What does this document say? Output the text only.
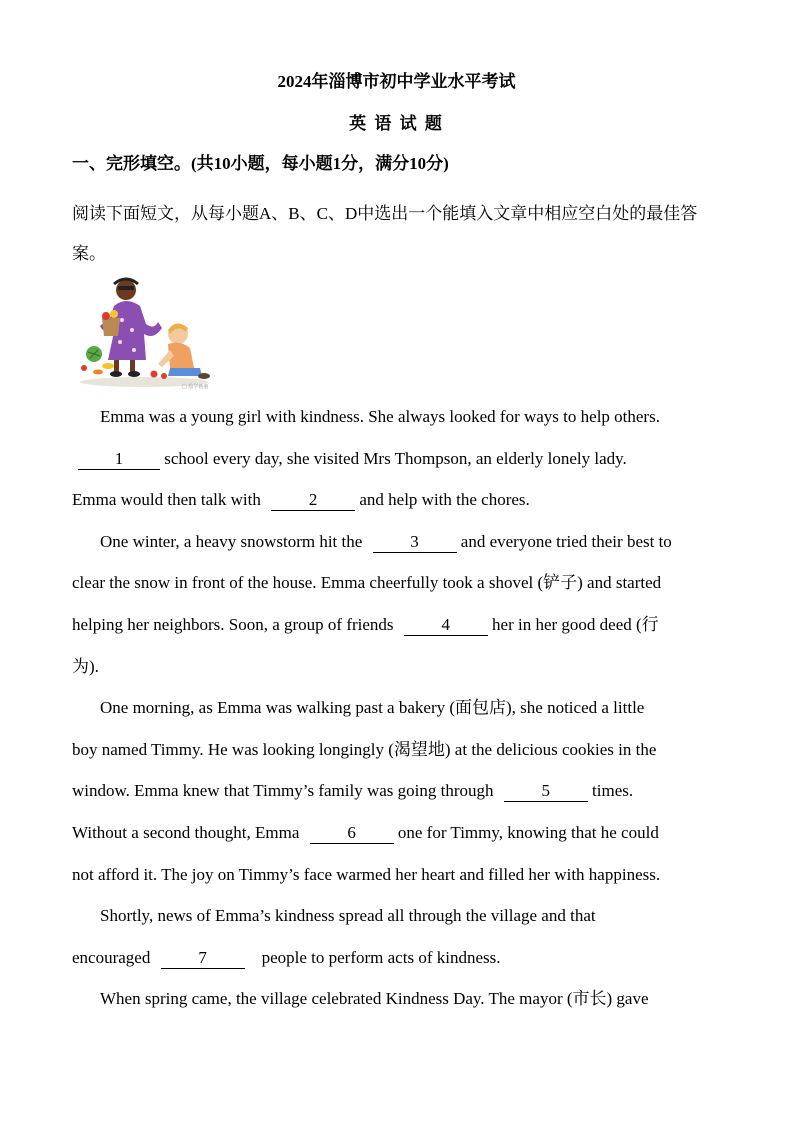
2024年淄博市初中学业水平考试
英 语 试 题
一、完形填空。(共10小题，每小题1分，满分10分)
阅读下面短文，从每小题A、B、C、D中选出一个能填入文章中相应空白处的最佳答案。
□ 绘学画童
Emma was a young girl with kindness. She always looked for ways to help others.
1 school every day, she visited Mrs Thompson, an elderly lonely lady.
Emma would then talk with	2 and help with the chores.
One winter, a heavy snowstorm hit the	3 and everyone tried their best to
clear the snow in front of the house. Emma cheerfully took a shovel (铲子) and started
helping her neighbors. Soon, a group of friends	4 her in her good deed (行
为).
One morning, as Emma was walking past a bakery (面包店), she noticed a little
boy named Timmy. He was looking longingly (渴望地) at the delicious cookies in the
window. Emma knew that Timmy’s family was going through	5 times.
Without a second thought, Emma	6 one for Timmy, knowing that he could
not afford it. The joy on Timmy’s face warmed her heart and filled her with happiness.
Shortly, news of Emma’s kindness spread all through the village and that
encouraged	7    people to perform acts of kindness.
When spring came, the village celebrated Kindness Day. The mayor (市长) gave
